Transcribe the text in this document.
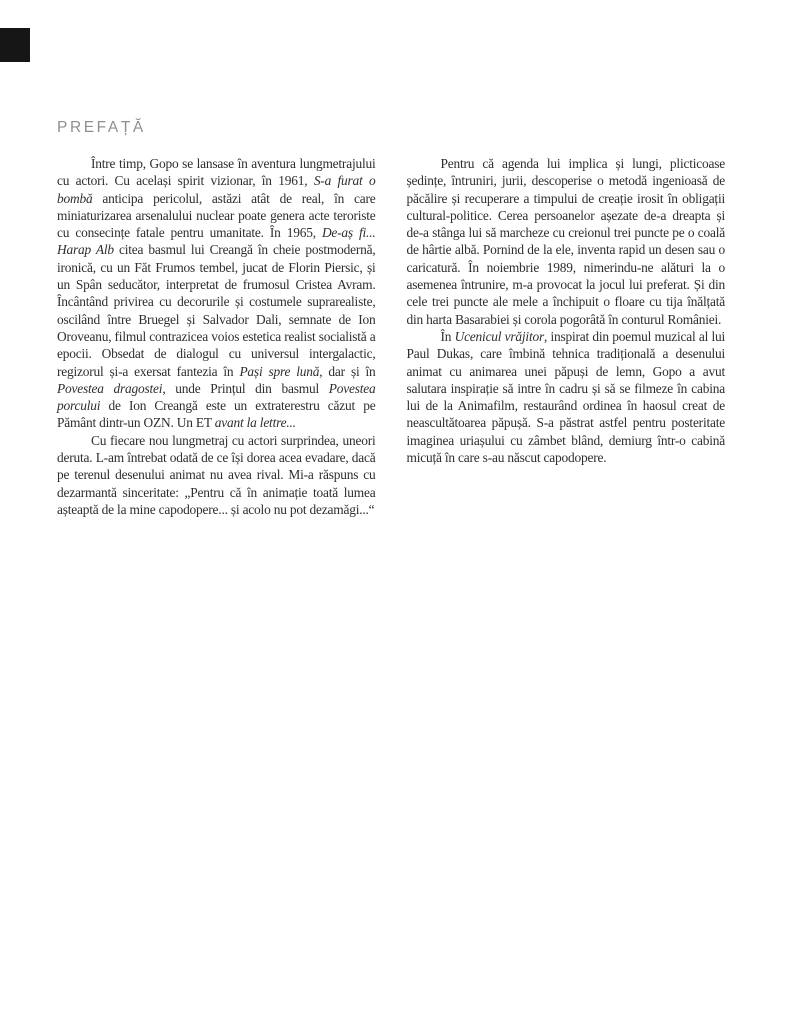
PREFAȚĂ

Între timp, Gopo se lansase în aventura lungmetrajului cu actori. Cu același spirit vizionar, în 1961, S-a furat o bombă anticipa pericolul, astăzi atât de real, în care miniaturizarea arsenalului nuclear poate genera acte teroriste cu consecințe fatale pentru umanitate. În 1965, De-aș fi... Harap Alb citea basmul lui Creangă în cheie postmodernă, ironică, cu un Făt Frumos tembel, jucat de Florin Piersic, și un Spân seducător, interpretat de frumosul Cristea Avram. Încântând privirea cu decorurile și costumele suprarealiste, oscilând între Bruegel și Salvador Dali, semnate de Ion Oroveanu, filmul contrazicea voios estetica realist socialistă a epocii. Obsedat de dialogul cu universul intergalactic, regizorul și-a exersat fantezia în Pași spre lună, dar și în Povestea dragostei, unde Prințul din basmul Povestea porcului de Ion Creangă este un extraterestru căzut pe Pământ dintr-un OZN. Un ET avant la lettre...

Cu fiecare nou lungmetraj cu actori surprindea, uneori deruta. L-am întrebat odată de ce își dorea acea evadare, dacă pe terenul desenului animat nu avea rival. Mi-a răspuns cu dezarmantă sinceritate: „Pentru că în animație toată lumea așteaptă de la mine capodopere... și acolo nu pot dezamăgi...“

Pentru că agenda lui implica și lungi, plicticoase ședințe, întruniri, jurii, descoperise o metodă ingenioasă de păcălire și recuperare a timpului de creație irosit în obligații cultural-politice. Cerea persoanelor așezate de-a dreapta și de-a stânga lui să marcheze cu creionul trei puncte pe o coală de hârtie albă. Pornind de la ele, inventa rapid un desen sau o caricatură. În noiembrie 1989, nimerindu-ne alături la o asemenea întrunire, m-a provocat la jocul lui preferat. Și din cele trei puncte ale mele a închipuit o floare cu tija înălțată din harta Basarabiei și corola pogorâtă în conturul României.

În Ucenicul vrăjitor, inspirat din poemul muzical al lui Paul Dukas, care îmbină tehnica tradițională a desenului animat cu animarea unei păpuși de lemn, Gopo a avut salutara inspirație să intre în cadru și să se filmeze în cabina lui de la Animafilm, restaurând ordinea în haosul creat de neascultătoarea păpușă. S-a păstrat astfel pentru posteritate imaginea uriașului cu zâmbet blând, demiurg într-o cabină micuță în care s-au născut capodopere.
